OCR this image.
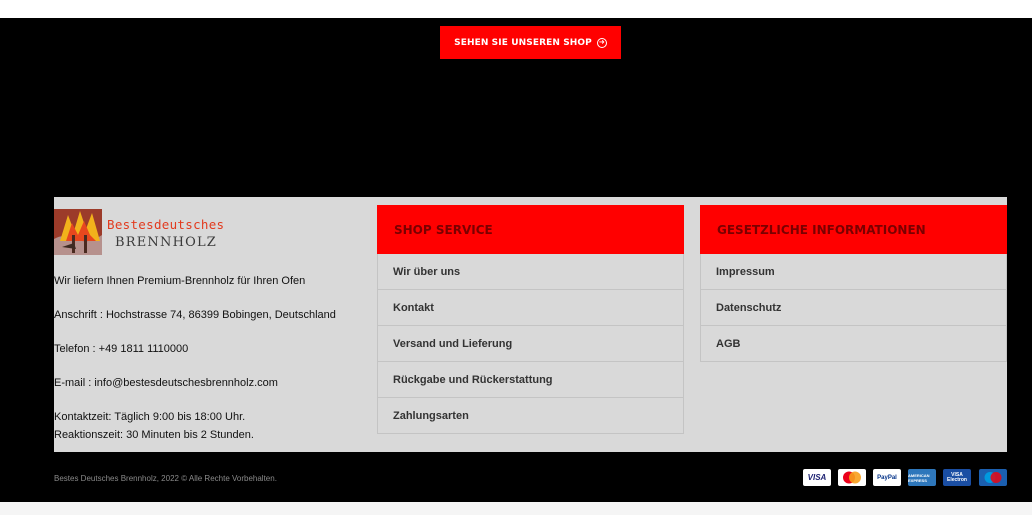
SEHEN SIE UNSEREN SHOP ➜
Bestesdeutsches
BRENNHOLZ
Wir liefern Ihnen Premium-Brennholz für Ihren Ofen
Anschrift : Hochstrasse 74, 86399 Bobingen, Deutschland
Telefon : +49 1811 1110000
E-mail : info@bestesdeutschesbrennholz.com
Kontaktzeit: Täglich 9:00 bis 18:00 Uhr.
Reaktionszeit: 30 Minuten bis 2 Stunden.
SHOP SERVICE
Wir über uns
Kontakt
Versand und Lieferung
Rückgabe und Rückerstattung
Zahlungsarten
GESETZLICHE INFORMATIONEN
Impressum
Datenschutz
AGB
Bestes Deutsches Brennholz, 2022 © Alle Rechte Vorbehalten.	VISA	PayPal	AMERICAN EXPRESS
VISA
Electron
